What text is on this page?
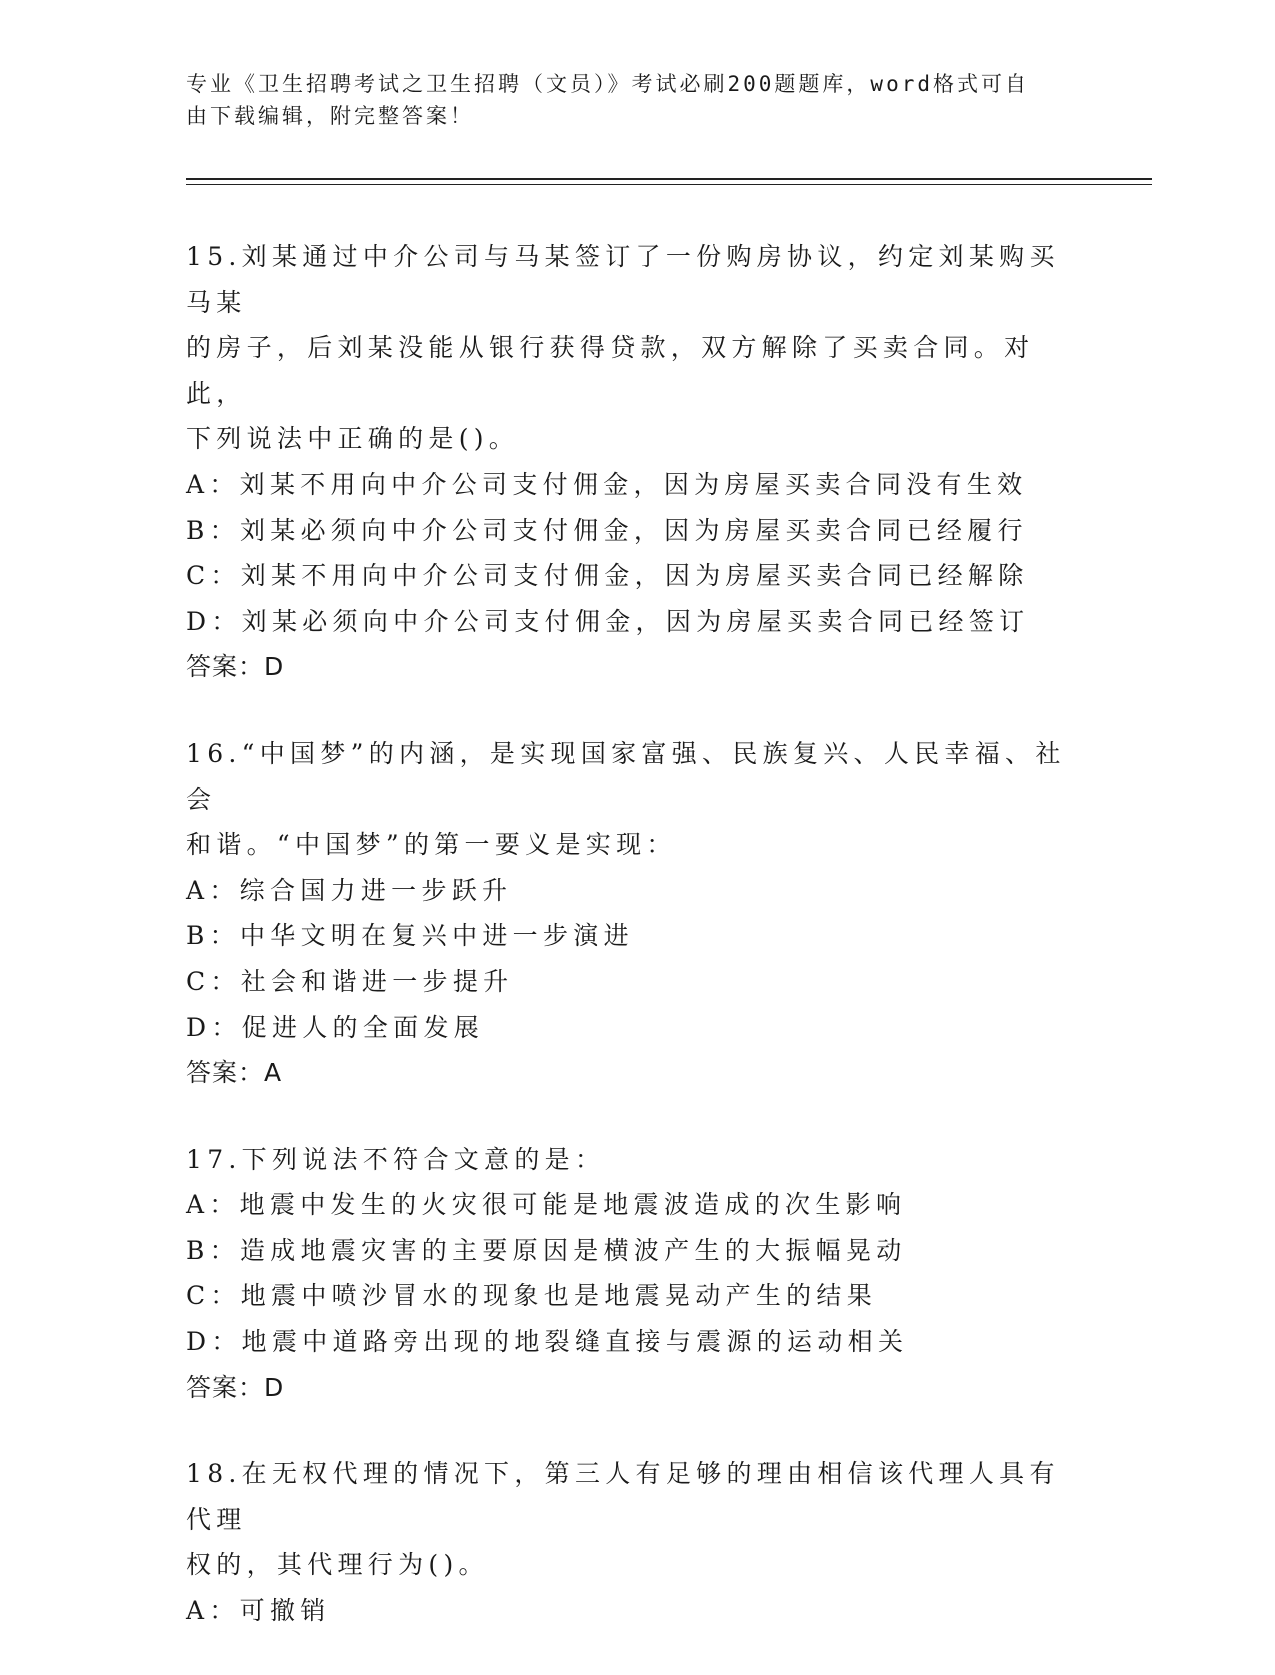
专业《卫生招聘考试之卫生招聘（文员）》考试必刷200题题库，word格式可自
由下载编辑，附完整答案！

15.刘某通过中介公司与马某签订了一份购房协议，约定刘某购买马某

的房子，后刘某没能从银行获得贷款，双方解除了买卖合同。对此，

下列说法中正确的是()。

A：刘某不用向中介公司支付佣金，因为房屋买卖合同没有生效

B：刘某必须向中介公司支付佣金，因为房屋买卖合同已经履行

C：刘某不用向中介公司支付佣金，因为房屋买卖合同已经解除

D：刘某必须向中介公司支付佣金，因为房屋买卖合同已经签订

答案：D

16.“中国梦”的内涵，是实现国家富强、民族复兴、人民幸福、社会

和谐。“中国梦”的第一要义是实现：

A：综合国力进一步跃升

B：中华文明在复兴中进一步演进

C：社会和谐进一步提升

D：促进人的全面发展

答案：A

17.下列说法不符合文意的是：

A：地震中发生的火灾很可能是地震波造成的次生影响

B：造成地震灾害的主要原因是横波产生的大振幅晃动

C：地震中喷沙冒水的现象也是地震晃动产生的结果

D：地震中道路旁出现的地裂缝直接与震源的运动相关

答案：D

18.在无权代理的情况下，第三人有足够的理由相信该代理人具有代理

权的，其代理行为()。

A：可撤销
